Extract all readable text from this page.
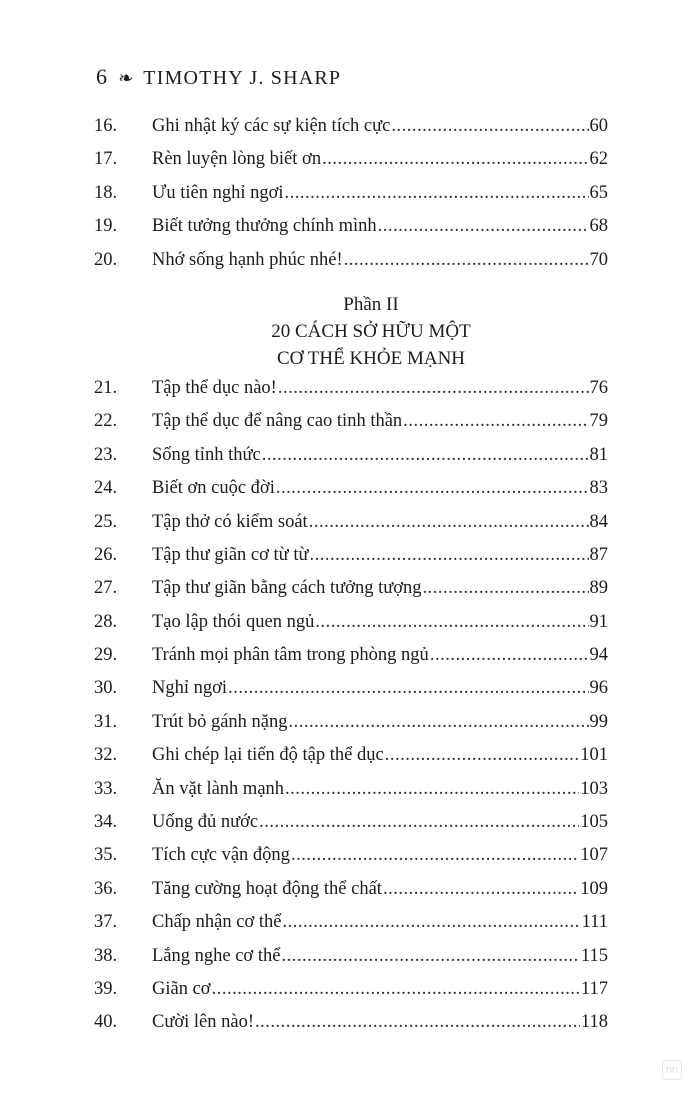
6 ❧ TIMOTHY J. SHARP
16.	Ghi nhật ký các sự kiện tích cực .....	60
17.	Rèn luyện lòng biết ơn .....	62
18.	Ưu tiên nghỉ ngơi .....	65
19.	Biết tưởng thưởng chính mình .....	68
20.	Nhớ sống hạnh phúc nhé! .....	70
Phần II
20 CÁCH SỞ HỮU MỘT
CƠ THỂ KHỎE MẠNH
21.	Tập thể dục nào! .....	76
22.	Tập thể dục để nâng cao tinh thần .....	79
23.	Sống tỉnh thức .....	81
24.	Biết ơn cuộc đời .....	83
25.	Tập thở có kiểm soát .....	84
26.	Tập thư giãn cơ từ từ .....	87
27.	Tập thư giãn bằng cách tưởng tượng .....	89
28.	Tạo lập thói quen ngủ .....	91
29.	Tránh mọi phân tâm trong phòng ngủ .....	94
30.	Nghỉ ngơi .....	96
31.	Trút bỏ gánh nặng .....	99
32.	Ghi chép lại tiến độ tập thể dục .....	101
33.	Ăn vặt lành mạnh .....	103
34.	Uống đủ nước .....	105
35.	Tích cực vận động .....	107
36.	Tăng cường hoạt động thể chất .....	109
37.	Chấp nhận cơ thể .....	111
38.	Lắng nghe cơ thể .....	115
39.	Giãn cơ .....	117
40.	Cười lên nào! .....	118
nn
